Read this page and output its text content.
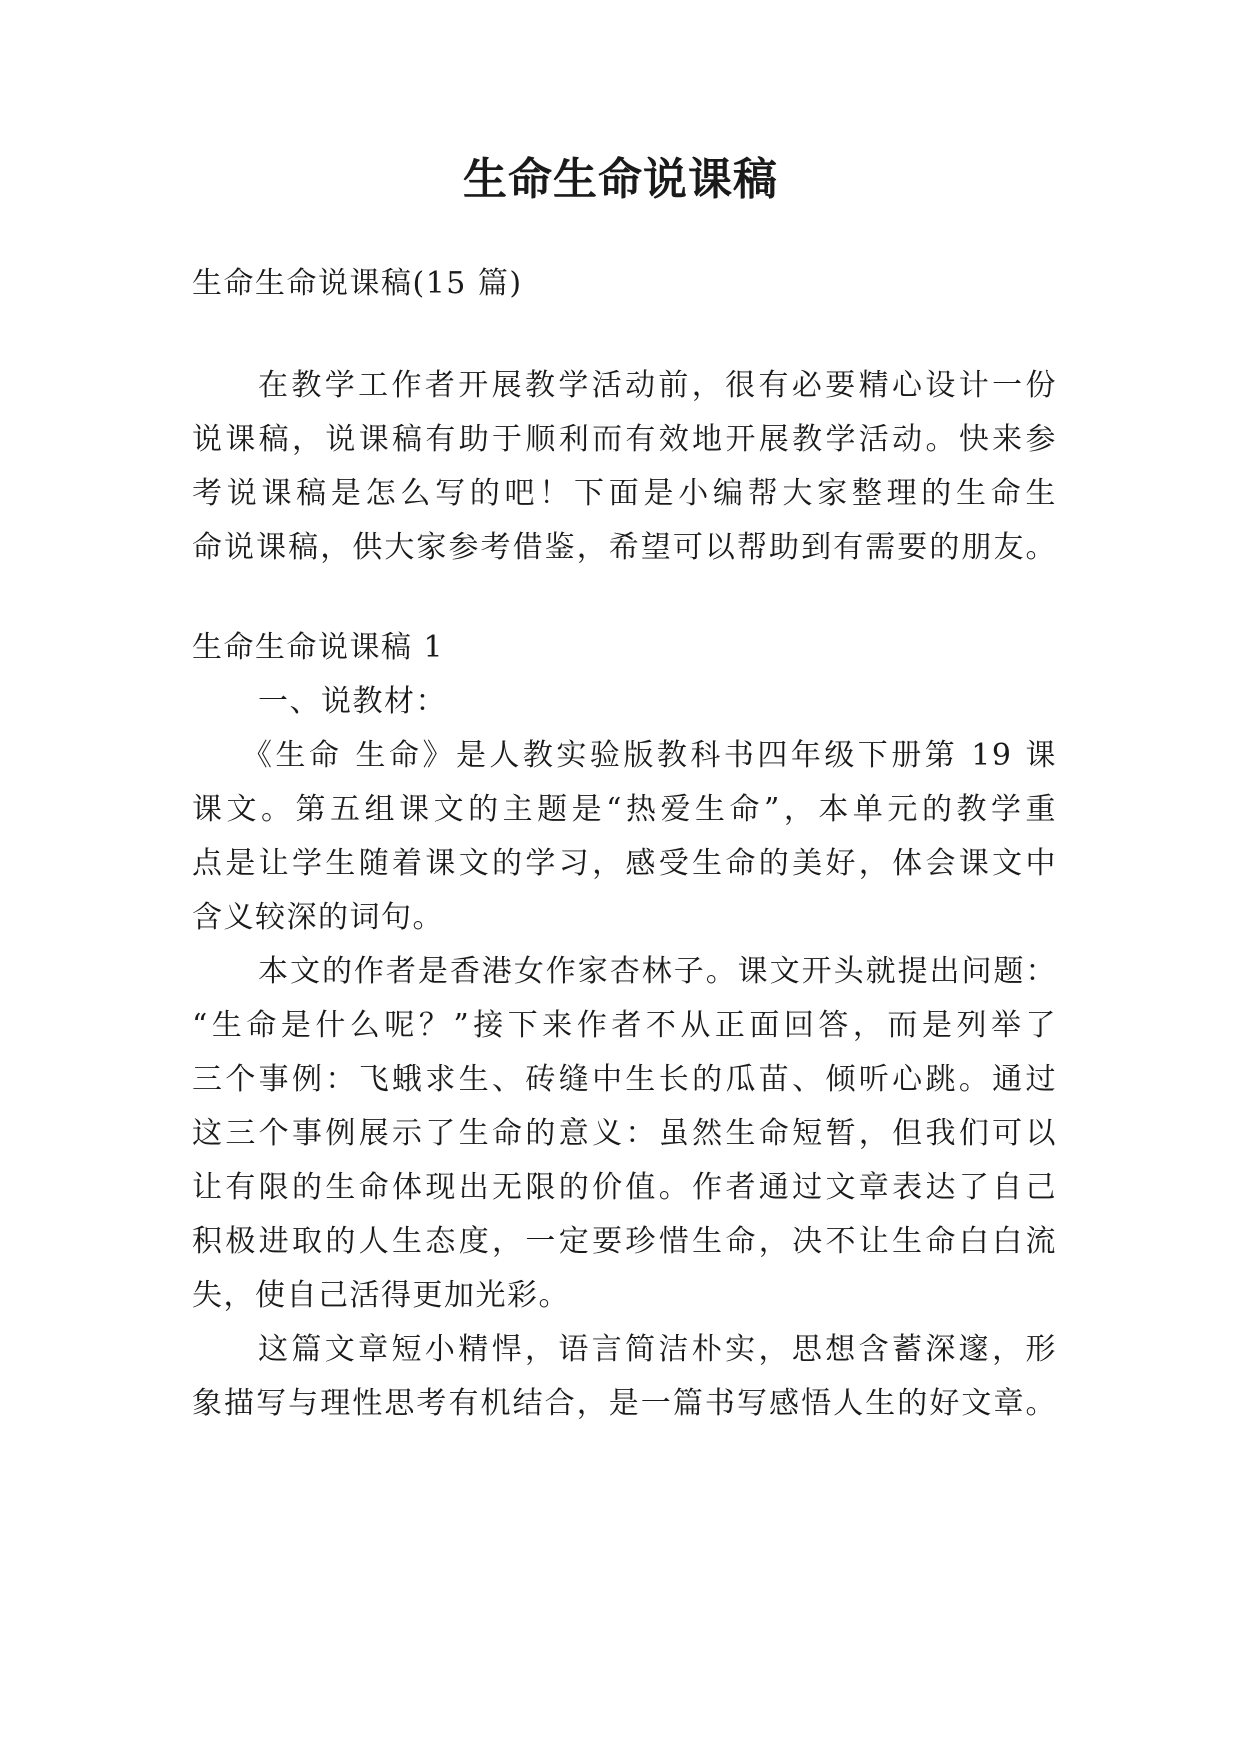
生命生命说课稿
生命生命说课稿(15 篇)
在教学工作者开展教学活动前，很有必要精心设计一份
说课稿，说课稿有助于顺利而有效地开展教学活动。快来参
考说课稿是怎么写的吧！下面是小编帮大家整理的生命生
命说课稿，供大家参考借鉴，希望可以帮助到有需要的朋友。
生命生命说课稿 1
一、说教材：
《生命 生命》是人教实验版教科书四年级下册第 19 课
课文。第五组课文的主题是“热爱生命”，本单元的教学重
点是让学生随着课文的学习，感受生命的美好，体会课文中
含义较深的词句。
本文的作者是香港女作家杏林子。课文开头就提出问题：
“生命是什么呢？”接下来作者不从正面回答，而是列举了
三个事例：飞蛾求生、砖缝中生长的瓜苗、倾听心跳。通过
这三个事例展示了生命的意义：虽然生命短暂，但我们可以
让有限的生命体现出无限的价值。作者通过文章表达了自己
积极进取的人生态度，一定要珍惜生命，决不让生命白白流
失，使自己活得更加光彩。
这篇文章短小精悍，语言简洁朴实，思想含蓄深邃，形
象描写与理性思考有机结合，是一篇书写感悟人生的好文章。
